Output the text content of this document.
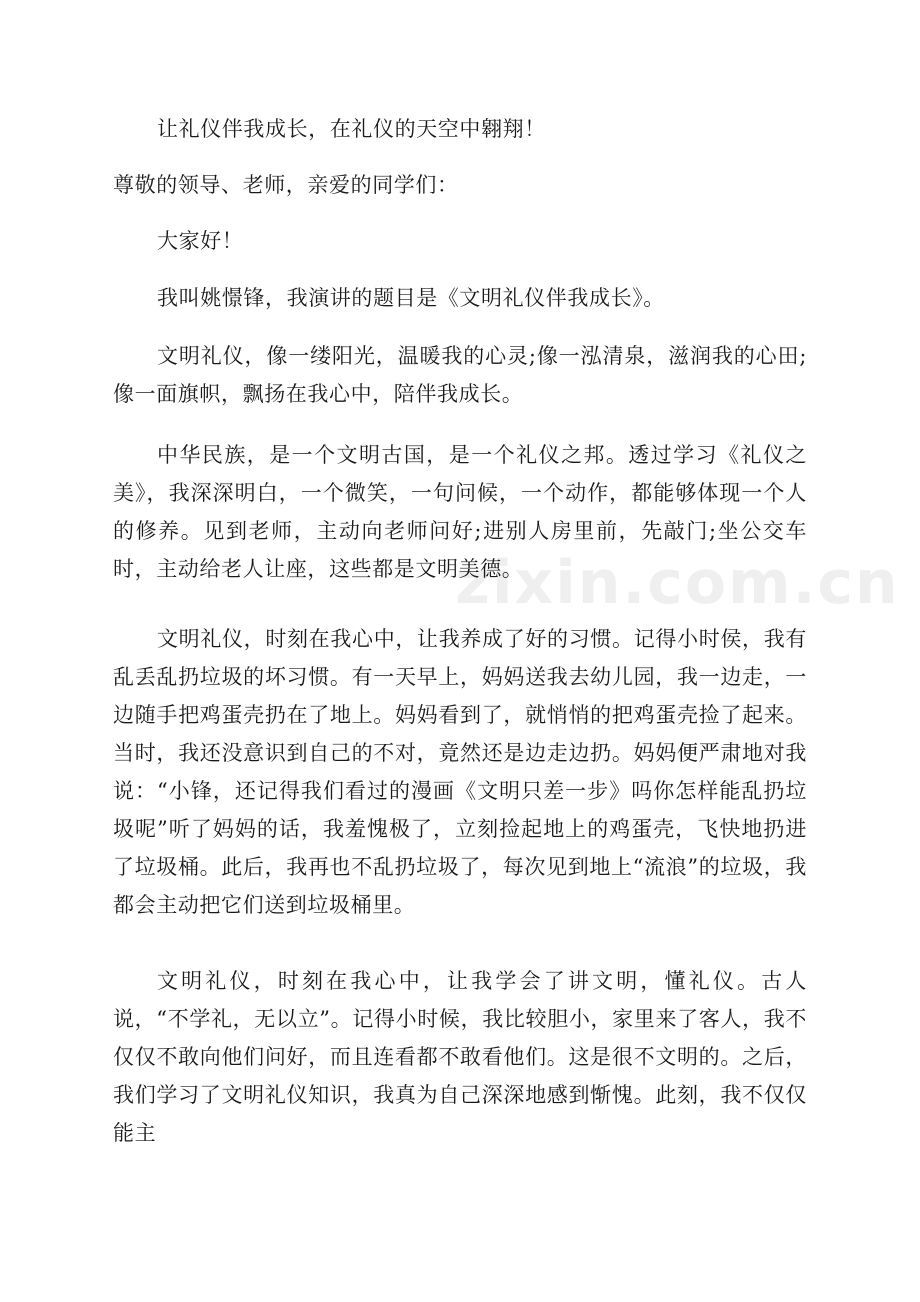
zixin.com.cn

让礼仪伴我成长，在礼仪的天空中翱翔！

尊敬的领导、老师，亲爱的同学们：

大家好！

我叫姚憬锋，我演讲的题目是《文明礼仪伴我成长》。

文明礼仪，像一缕阳光，温暖我的心灵;像一泓清泉，滋润我的心田;像一面旗帜，飘扬在我心中，陪伴我成长。

中华民族，是一个文明古国，是一个礼仪之邦。透过学习《礼仪之美》，我深深明白，一个微笑，一句问候，一个动作，都能够体现一个人的修养。见到老师，主动向老师问好;进别人房里前，先敲门;坐公交车时，主动给老人让座，这些都是文明美德。

文明礼仪，时刻在我心中，让我养成了好的习惯。记得小时侯，我有乱丢乱扔垃圾的坏习惯。有一天早上，妈妈送我去幼儿园，我一边走，一边随手把鸡蛋壳扔在了地上。妈妈看到了，就悄悄的把鸡蛋壳捡了起来。当时，我还没意识到自己的不对，竟然还是边走边扔。妈妈便严肃地对我说：“小锋，还记得我们看过的漫画《文明只差一步》吗你怎样能乱扔垃圾呢”听了妈妈的话，我羞愧极了，立刻捡起地上的鸡蛋壳，飞快地扔进了垃圾桶。此后，我再也不乱扔垃圾了，每次见到地上“流浪”的垃圾，我都会主动把它们送到垃圾桶里。

文明礼仪，时刻在我心中，让我学会了讲文明，懂礼仪。古人说，“不学礼，无以立”。记得小时候，我比较胆小，家里来了客人，我不仅仅不敢向他们问好，而且连看都不敢看他们。这是很不文明的。之后，我们学习了文明礼仪知识，我真为自己深深地感到惭愧。此刻，我不仅仅能主
